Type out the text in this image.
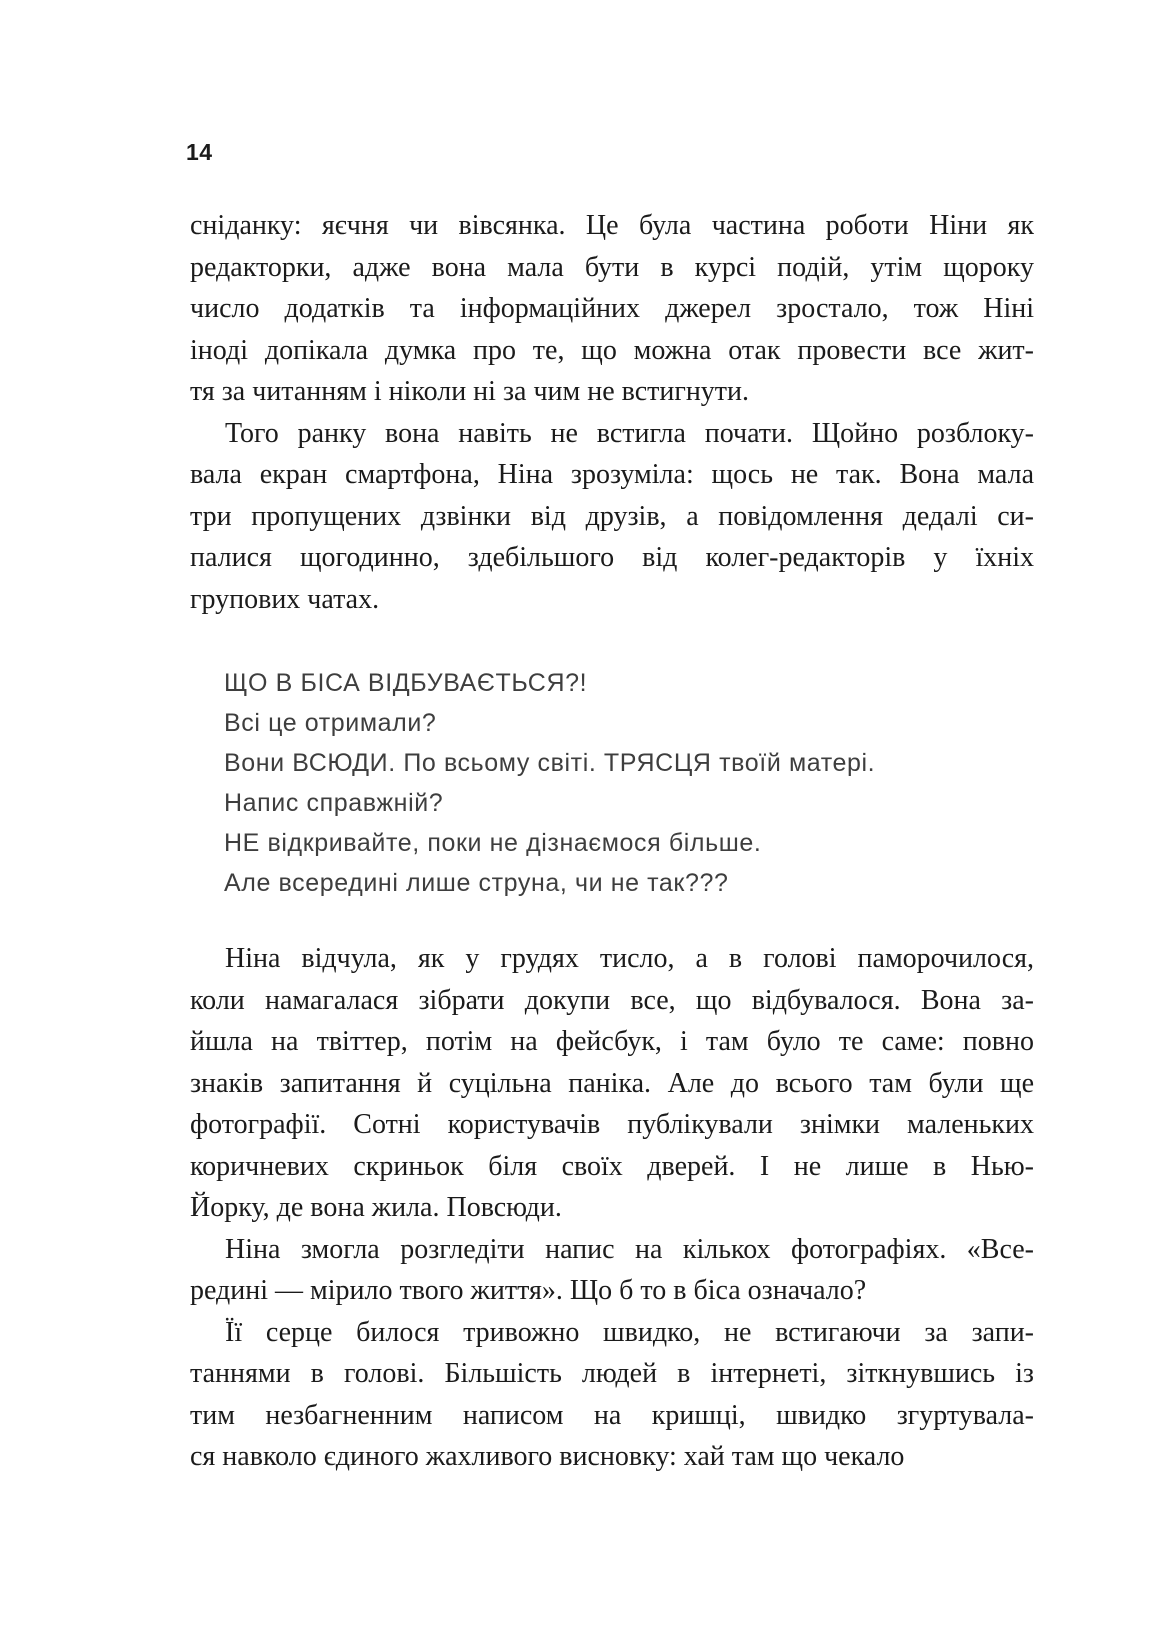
14

сніданку: яєчня чи вівсянка. Це була частина роботи Ніни як
редакторки, адже вона мала бути в курсі подій, утім щороку
число додатків та інформаційних джерел зростало, тож Ніні
іноді допікала думка про те, що можна отак провести все жит-
тя за читанням і ніколи ні за чим не встигнути.

Того ранку вона навіть не встигла почати. Щойно розблоку-
вала екран смартфона, Ніна зрозуміла: щось не так. Вона мала
три пропущених дзвінки від друзів, а повідомлення дедалі си-
палися щогодинно, здебільшого від колег-редакторів у їхніх
групових чатах.

ЩО В БІСА ВІДБУВАЄТЬСЯ?!
Всі це отримали?
Вони ВСЮДИ. По всьому світі. ТРЯСЦЯ твоїй матері.
Напис справжній?
НЕ відкривайте, поки не дізнаємося більше.
Але всередині лише струна, чи не так???

Ніна відчула, як у грудях тисло, а в голові паморочилося,
коли намагалася зібрати докупи все, що відбувалося. Вона за-
йшла на твіттер, потім на фейсбук, і там було те саме: повно
знаків запитання й суцільна паніка. Але до всього там були ще
фотографії. Сотні користувачів публікували знімки маленьких
коричневих скриньок біля своїх дверей. І не лише в Нью-
Йорку, де вона жила. Повсюди.

Ніна змогла розгледіти напис на кількох фотографіях. «Все-
редині — мірило твого життя». Що б то в біса означало?

Її серце билося тривожно швидко, не встигаючи за запи-
таннями в голові. Більшість людей в інтернеті, зіткнувшись із
тим незбагненним написом на кришці, швидко згуртувала-
ся навколо єдиного жахливого висновку: хай там що чекало
